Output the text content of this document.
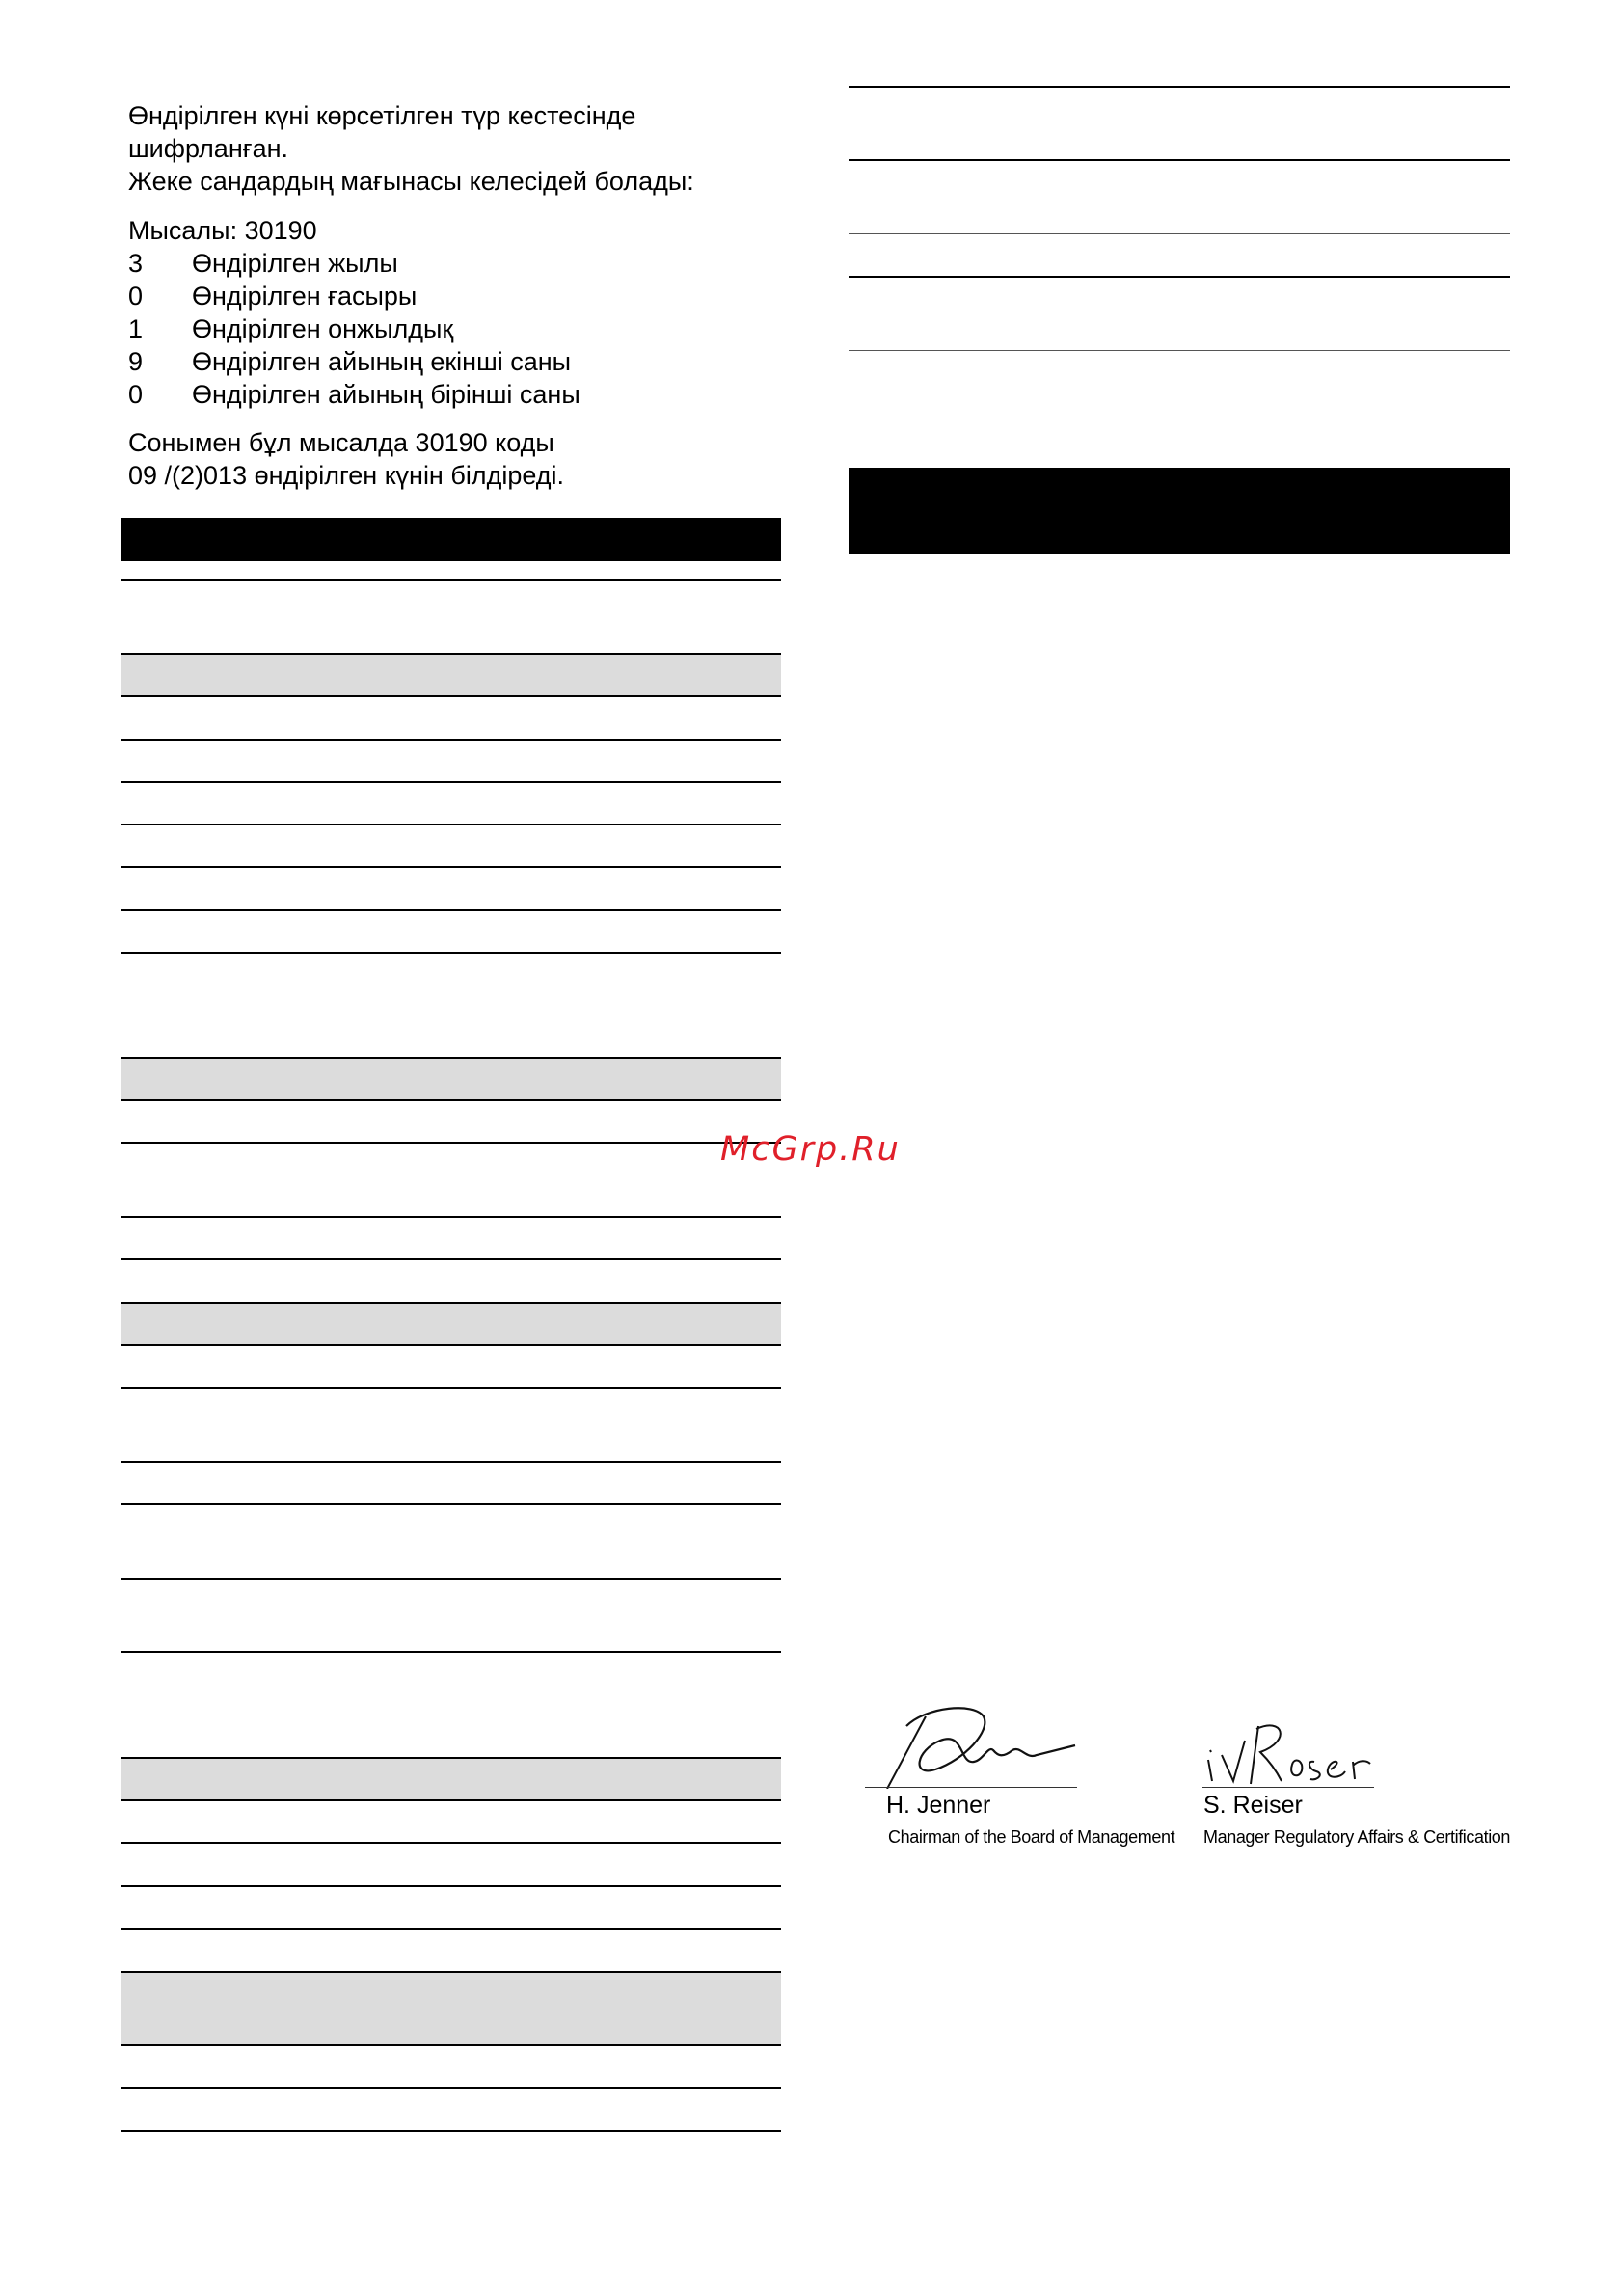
Өндірілген күні көрсетілген түр кестесінде

шифрланған.

Жеке сандардың мағынасы келесідей болады:

Мысалы: 30190

3 Өндірілген жылы
0 Өндірілген ғасыры
1 Өндірілген онжылдық
9 Өндірілген айының екінші саны
0 Өндірілген айының бірінші саны

Сонымен бұл мысалда 30190 коды

09 /(2)013 өндірілген күнін білдіреді.

McGrp.Ru
H. Jenner
Chairman of the Board of Management
S. Reiser
Manager Regulatory Affairs & Certification
